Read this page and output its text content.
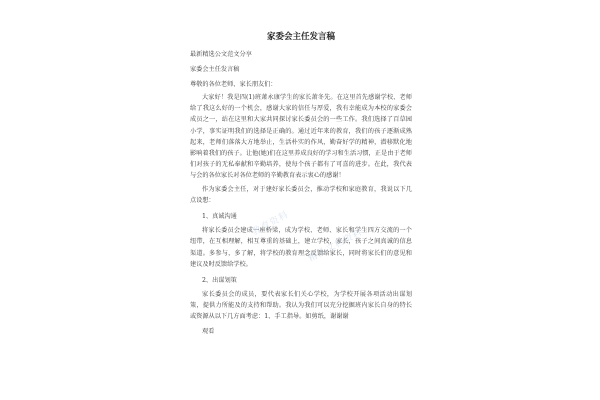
家委会主任发言稿

最新精选公文范文分享

家委会主任发言稿

尊敬的各位老师、家长朋友们：

大家好！我是四(1)班萧永康学生的家长萧冬先。在这里首先感谢学校、老师给了我这么好的一个机会，感谢大家的信任与厚爱，我有幸能成为本校的家委会成员之一，站在这里和大家共同探讨家长委员会的一些工作。我们选择了百草园小学，事实证明我们的选择是正确的。通过近年来的教育，我们的孩子逐渐成熟起来，老师们落落大方地举止，生活朴实的作风，勤奋好学的精神，潜移默化地影响着我们的孩子。让他(她)们在这里养成良好的学习和生活习惯，正是由于老师们对孩子的无私奉献和辛勤培养，使每个孩子都有了可喜的进步。在此，我代表与会的各位家长对各位老师的辛勤教育表示衷心的感谢！

作为家委会主任，对于建好家长委员会，推动学校和家庭教育，我说以下几点设想：

1、真诚沟通

将家长委员会建成一座桥梁，成为学校、老师、家长和学生四方交流的一个纽带，在互相理解，相互尊重的基础上，建立学校，家长，孩子之间真诚的信息渠道。多参与，多了解，将学校的教育理念反馈给家长，同时将家长们的意见和建议及时反馈给学校。

2、出谋划策

家长委员会的成员，要代表家长们关心学校，为学校开展各项活动出谋划策，提供力所能及的支持和帮助。我认为我们可以充分挖掘班内家长自身的特长或资源从以下几方面考虑：1、手工指导。如剪纸，谢谢谢

观看

教育资料
精品文档资料
